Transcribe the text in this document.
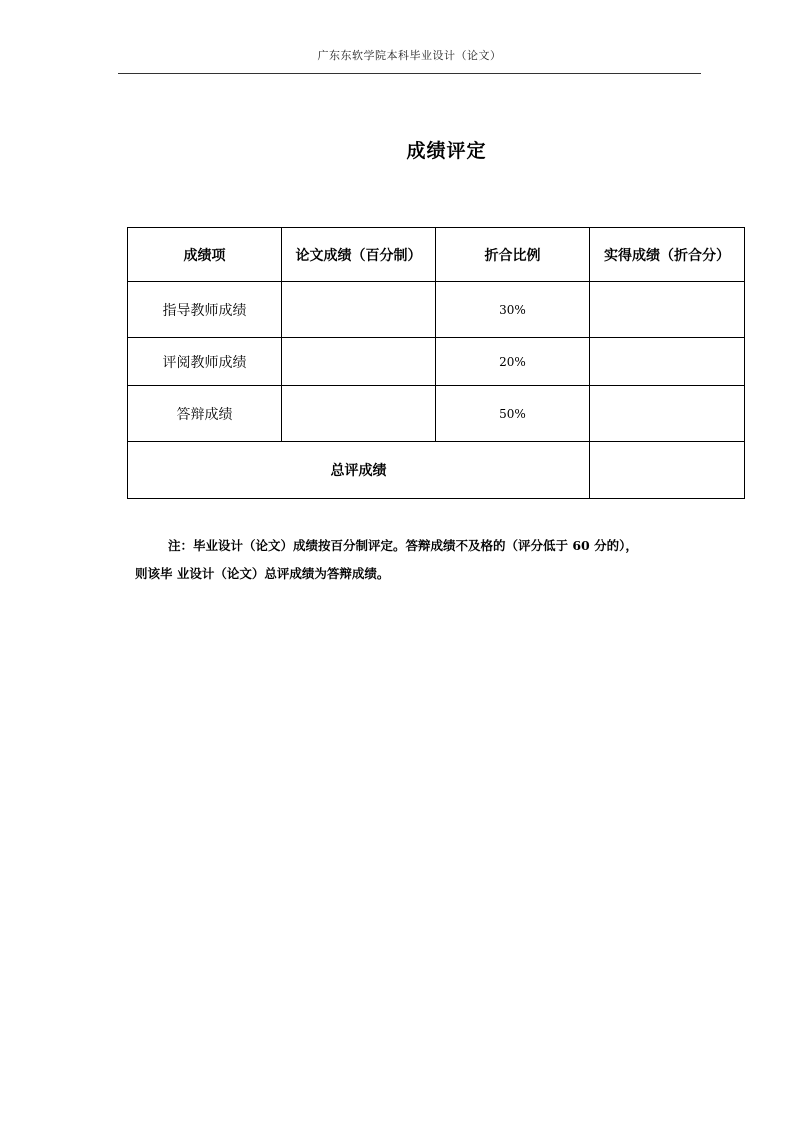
广东东软学院本科毕业设计（论文）
成绩评定
成绩项	论文成绩（百分制）	折合比例	实得成绩（折合分）
指导教师成绩		30%	
评阅教师成绩		20%	
答辩成绩		50%	
总评成绩			
注：毕业设计（论文）成绩按百分制评定。答辩成绩不及格的（评分低于 60 分的），
则该毕 业设计（论文）总评成绩为答辩成绩。
